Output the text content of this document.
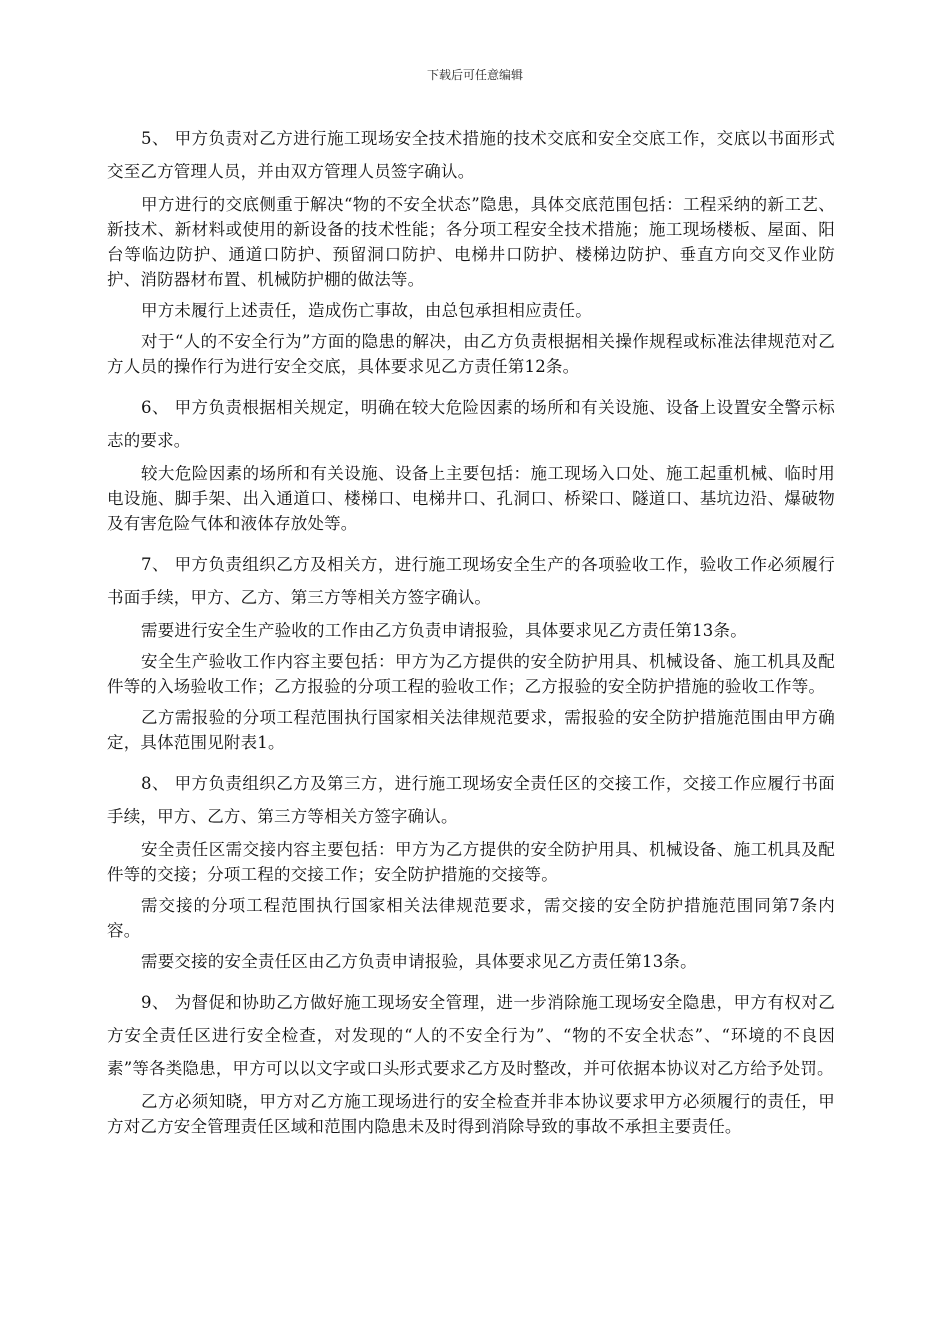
下载后可任意编辑

5、 甲方负责对乙方进行施工现场安全技术措施的技术交底和安全交底工作，交底以书面形式交至乙方管理人员，并由双方管理人员签字确认。

甲方进行的交底侧重于解决“物的不安全状态”隐患，具体交底范围包括：工程采纳的新工艺、新技术、新材料或使用的新设备的技术性能；各分项工程安全技术措施；施工现场楼板、屋面、阳台等临边防护、通道口防护、预留洞口防护、电梯井口防护、楼梯边防护、垂直方向交叉作业防护、消防器材布置、机械防护棚的做法等。

甲方未履行上述责任，造成伤亡事故，由总包承担相应责任。

对于“人的不安全行为”方面的隐患的解决，由乙方负责根据相关操作规程或标准法律规范对乙方人员的操作行为进行安全交底，具体要求见乙方责任第12条。

6、 甲方负责根据相关规定，明确在较大危险因素的场所和有关设施、设备上设置安全警示标志的要求。

较大危险因素的场所和有关设施、设备上主要包括：施工现场入口处、施工起重机械、临时用电设施、脚手架、出入通道口、楼梯口、电梯井口、孔洞口、桥梁口、隧道口、基坑边沿、爆破物及有害危险气体和液体存放处等。

7、 甲方负责组织乙方及相关方，进行施工现场安全生产的各项验收工作，验收工作必须履行书面手续，甲方、乙方、第三方等相关方签字确认。

需要进行安全生产验收的工作由乙方负责申请报验，具体要求见乙方责任第13条。

安全生产验收工作内容主要包括：甲方为乙方提供的安全防护用具、机械设备、施工机具及配件等的入场验收工作；乙方报验的分项工程的验收工作；乙方报验的安全防护措施的验收工作等。

乙方需报验的分项工程范围执行国家相关法律规范要求，需报验的安全防护措施范围由甲方确定，具体范围见附表1。

8、 甲方负责组织乙方及第三方，进行施工现场安全责任区的交接工作，交接工作应履行书面手续，甲方、乙方、第三方等相关方签字确认。

安全责任区需交接内容主要包括：甲方为乙方提供的安全防护用具、机械设备、施工机具及配件等的交接；分项工程的交接工作；安全防护措施的交接等。

需交接的分项工程范围执行国家相关法律规范要求，需交接的安全防护措施范围同第7条内容。

需要交接的安全责任区由乙方负责申请报验，具体要求见乙方责任第13条。

9、 为督促和协助乙方做好施工现场安全管理，进一步消除施工现场安全隐患，甲方有权对乙方安全责任区进行安全检查，对发现的“人的不安全行为”、“物的不安全状态”、“环境的不良因素”等各类隐患，甲方可以以文字或口头形式要求乙方及时整改，并可依据本协议对乙方给予处罚。

乙方必须知晓，甲方对乙方施工现场进行的安全检查并非本协议要求甲方必须履行的责任，甲方对乙方安全管理责任区域和范围内隐患未及时得到消除导致的事故不承担主要责任。
